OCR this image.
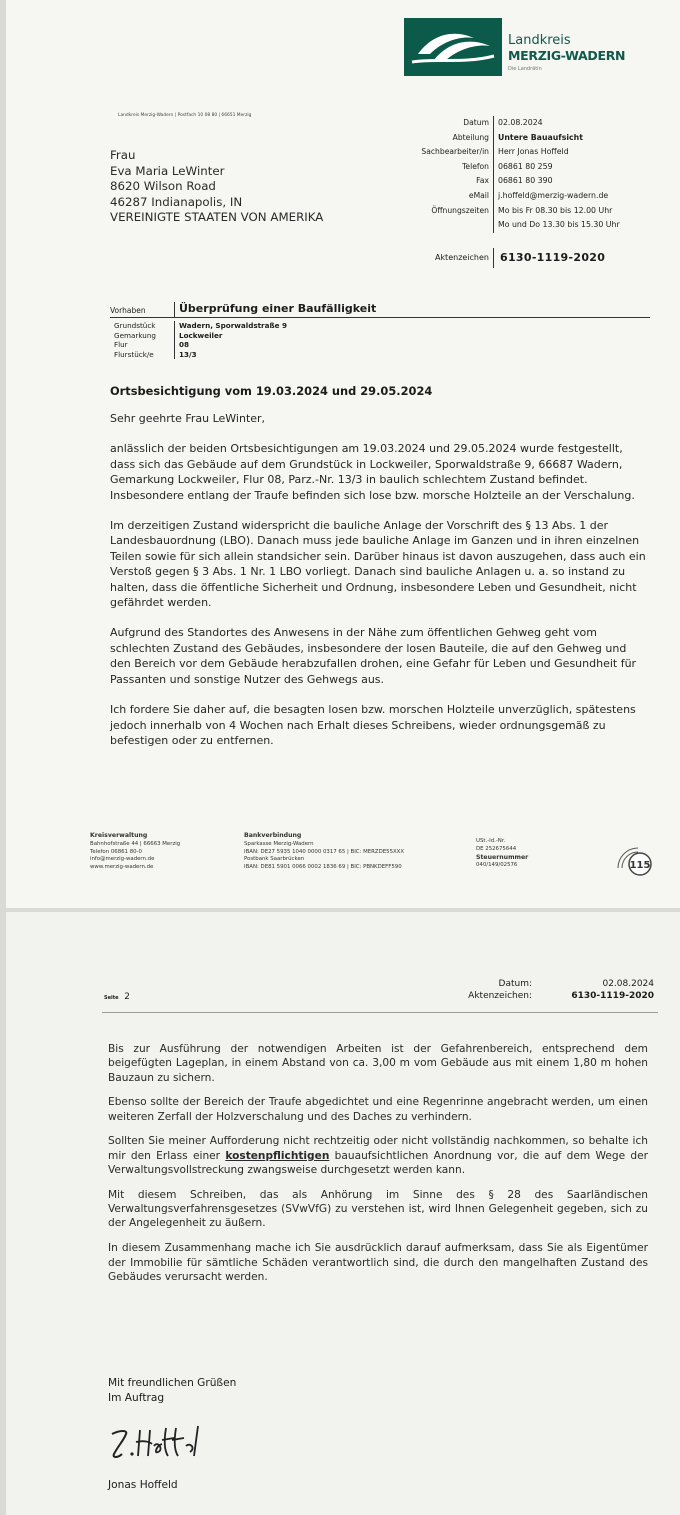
Landkreis
MERZIG-WADERN
Die Landrätin
Landkreis Merzig-Wadern | Postfach 10 08 80 | 66651 Merzig
Frau
Eva Maria LeWinter
8620 Wilson Road
46287 Indianapolis, IN
VEREINIGTE STAATEN VON AMERIKA
Datum	02.08.2024
Abteilung	Untere Bauaufsicht
Sachbearbeiter/in	Herr Jonas Hoffeld
Telefon	06861 80 259
Fax	06861 80 390
eMail	j.hoffeld@merzig-wadern.de
Öffnungszeiten	Mo bis Fr 08.30 bis 12.00 Uhr

Mo und Do 13.30 bis 15.30 Uhr
Aktenzeichen	6130-1119-2020
Vorhaben	Überprüfung einer Baufälligkeit
Grundstück	Wadern, Sporwaldstraße 9
Gemarkung	Lockweiler
Flur	08
Flurstück/e	13/3
Ortsbesichtigung vom 19.03.2024 und 29.05.2024

Sehr geehrte Frau LeWinter,

anlässlich der beiden Ortsbesichtigungen am 19.03.2024 und 29.05.2024 wurde festgestellt, dass sich das Gebäude auf dem Grundstück in Lockweiler, Sporwaldstraße 9, 66687 Wadern, Gemarkung Lockweiler, Flur 08, Parz.-Nr. 13/3 in baulich schlechtem Zustand befindet. Insbesondere entlang der Traufe befinden sich lose bzw. morsche Holzteile an der Verschalung.

Im derzeitigen Zustand widerspricht die bauliche Anlage der Vorschrift des § 13 Abs. 1 der Landesbauordnung (LBO). Danach muss jede bauliche Anlage im Ganzen und in ihren einzelnen Teilen sowie für sich allein standsicher sein. Darüber hinaus ist davon auszugehen, dass auch ein Verstoß gegen § 3 Abs. 1 Nr. 1 LBO vorliegt. Danach sind bauliche Anlagen u. a. so instand zu halten, dass die öffentliche Sicherheit und Ordnung, insbesondere Leben und Gesundheit, nicht gefährdet werden.

Aufgrund des Standortes des Anwesens in der Nähe zum öffentlichen Gehweg geht vom schlechten Zustand des Gebäudes, insbesondere der losen Bauteile, die auf den Gehweg und den Bereich vor dem Gebäude herabzufallen drohen, eine Gefahr für Leben und Gesundheit für Passanten und sonstige Nutzer des Gehwegs aus.

Ich fordere Sie daher auf, die besagten losen bzw. morschen Holzteile unverzüglich, spätestens jedoch innerhalb von 4 Wochen nach Erhalt dieses Schreibens, wieder ordnungsgemäß zu befestigen oder zu entfernen.

Kreisverwaltung
Bahnhofstraße 44 | 66663 Merzig
Telefon 06861 80-0
info@merzig-wadern.de
www.merzig-wadern.de
Bankverbindung
Sparkasse Merzig-Wadern
IBAN: DE27 5935 1040 0000 0317 65 | BIC: MERZDE55XXX
Postbank Saarbrücken
IBAN: DE81 5901 0066 0002 1836 69 | BIC: PBNKDEFF590
USt.-Id.-Nr.
DE 252675644
Steuernummer
040/149/02576	115
Seite 2
Datum:	02.08.2024
Aktenzeichen:	6130-1119-2020

Bis zur Ausführung der notwendigen Arbeiten ist der Gefahrenbereich, entsprechend dem beigefügten Lageplan, in einem Abstand von ca. 3,00 m vom Gebäude aus mit einem 1,80 m hohen Bauzaun zu sichern.

Ebenso sollte der Bereich der Traufe abgedichtet und eine Regenrinne angebracht werden, um einen weiteren Zerfall der Holzverschalung und des Daches zu verhindern.

Sollten Sie meiner Aufforderung nicht rechtzeitig oder nicht vollständig nachkommen, so behalte ich mir den Erlass einer kostenpflichtigen bauaufsichtlichen Anordnung vor, die auf dem Wege der Verwaltungsvollstreckung zwangsweise durchgesetzt werden kann.

Mit diesem Schreiben, das als Anhörung im Sinne des § 28 des Saarländischen Verwaltungsverfahrensgesetzes (SVwVfG) zu verstehen ist, wird Ihnen Gelegenheit gegeben, sich zu der Angelegenheit zu äußern.

In diesem Zusammenhang mache ich Sie ausdrücklich darauf aufmerksam, dass Sie als Eigentümer der Immobilie für sämtliche Schäden verantwortlich sind, die durch den mangelhaften Zustand des Gebäudes verursacht werden.

Mit freundlichen Grüßen
Im Auftrag
Jonas Hoffeld
